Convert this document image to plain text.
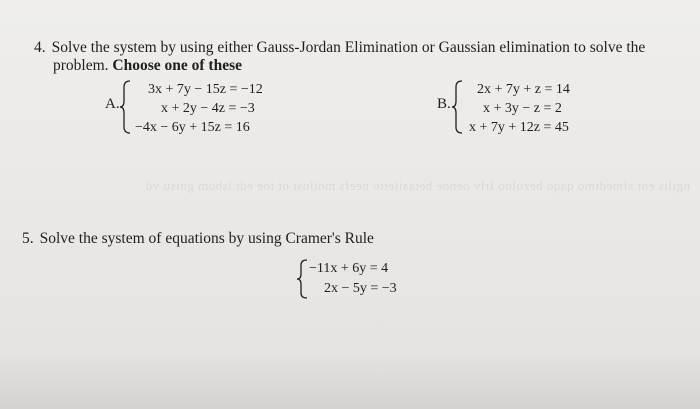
ngilis ent sfmedtmo qaqo bezoloo Irlv oenoe betaailetto neefs moilost ot ioe edt lsbom gnisu vd
4. Solve the system by using either Gauss-Jordan Elimination or Gaussian elimination to solve the
problem. Choose one of these
A.
3x + 7y − 15z = −12
x + 2y − 4z = −3
−4x − 6y + 15z = 16
B.
2x + 7y + z = 14
x + 3y − z = 2
x + 7y + 12z = 45
5. Solve the system of equations by using Cramer's Rule
−11x + 6y = 4
2x − 5y = −3
